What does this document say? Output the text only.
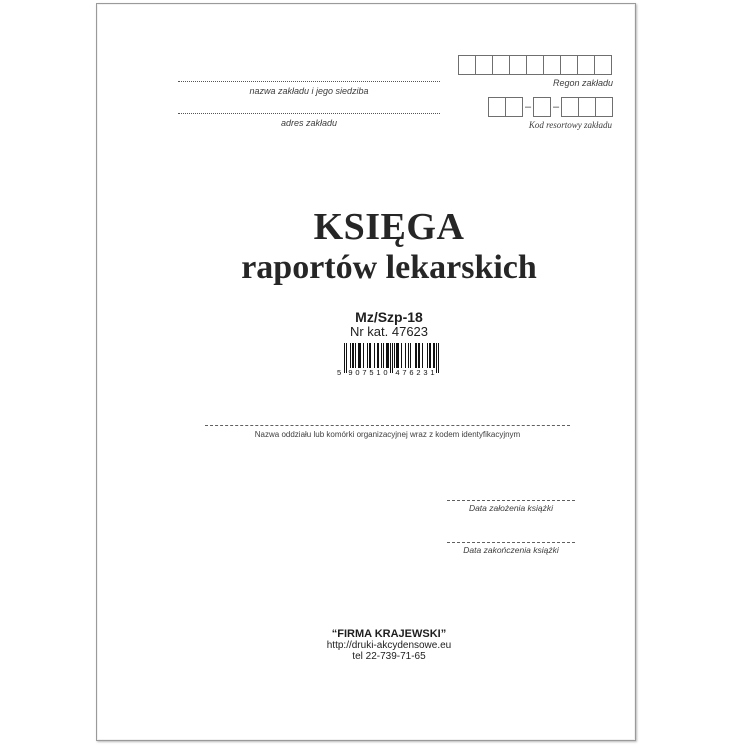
nazwa zakładu i jego siedziba
adres zakładu
Regon zakładu
– –
Kod resortowy zakładu
KSIĘGA
raportów lekarskich
Mz/Szp-18
Nr kat. 47623
5 9	4
0	7
7	6
5	2
1	3
0	1
Nazwa oddziału lub komórki organizacyjnej wraz z kodem identyfikacyjnym
Data założenia książki
Data zakończenia książki
“FIRMA KRAJEWSKI”
http://druki-akcydensowe.eu
tel 22-739-71-65
